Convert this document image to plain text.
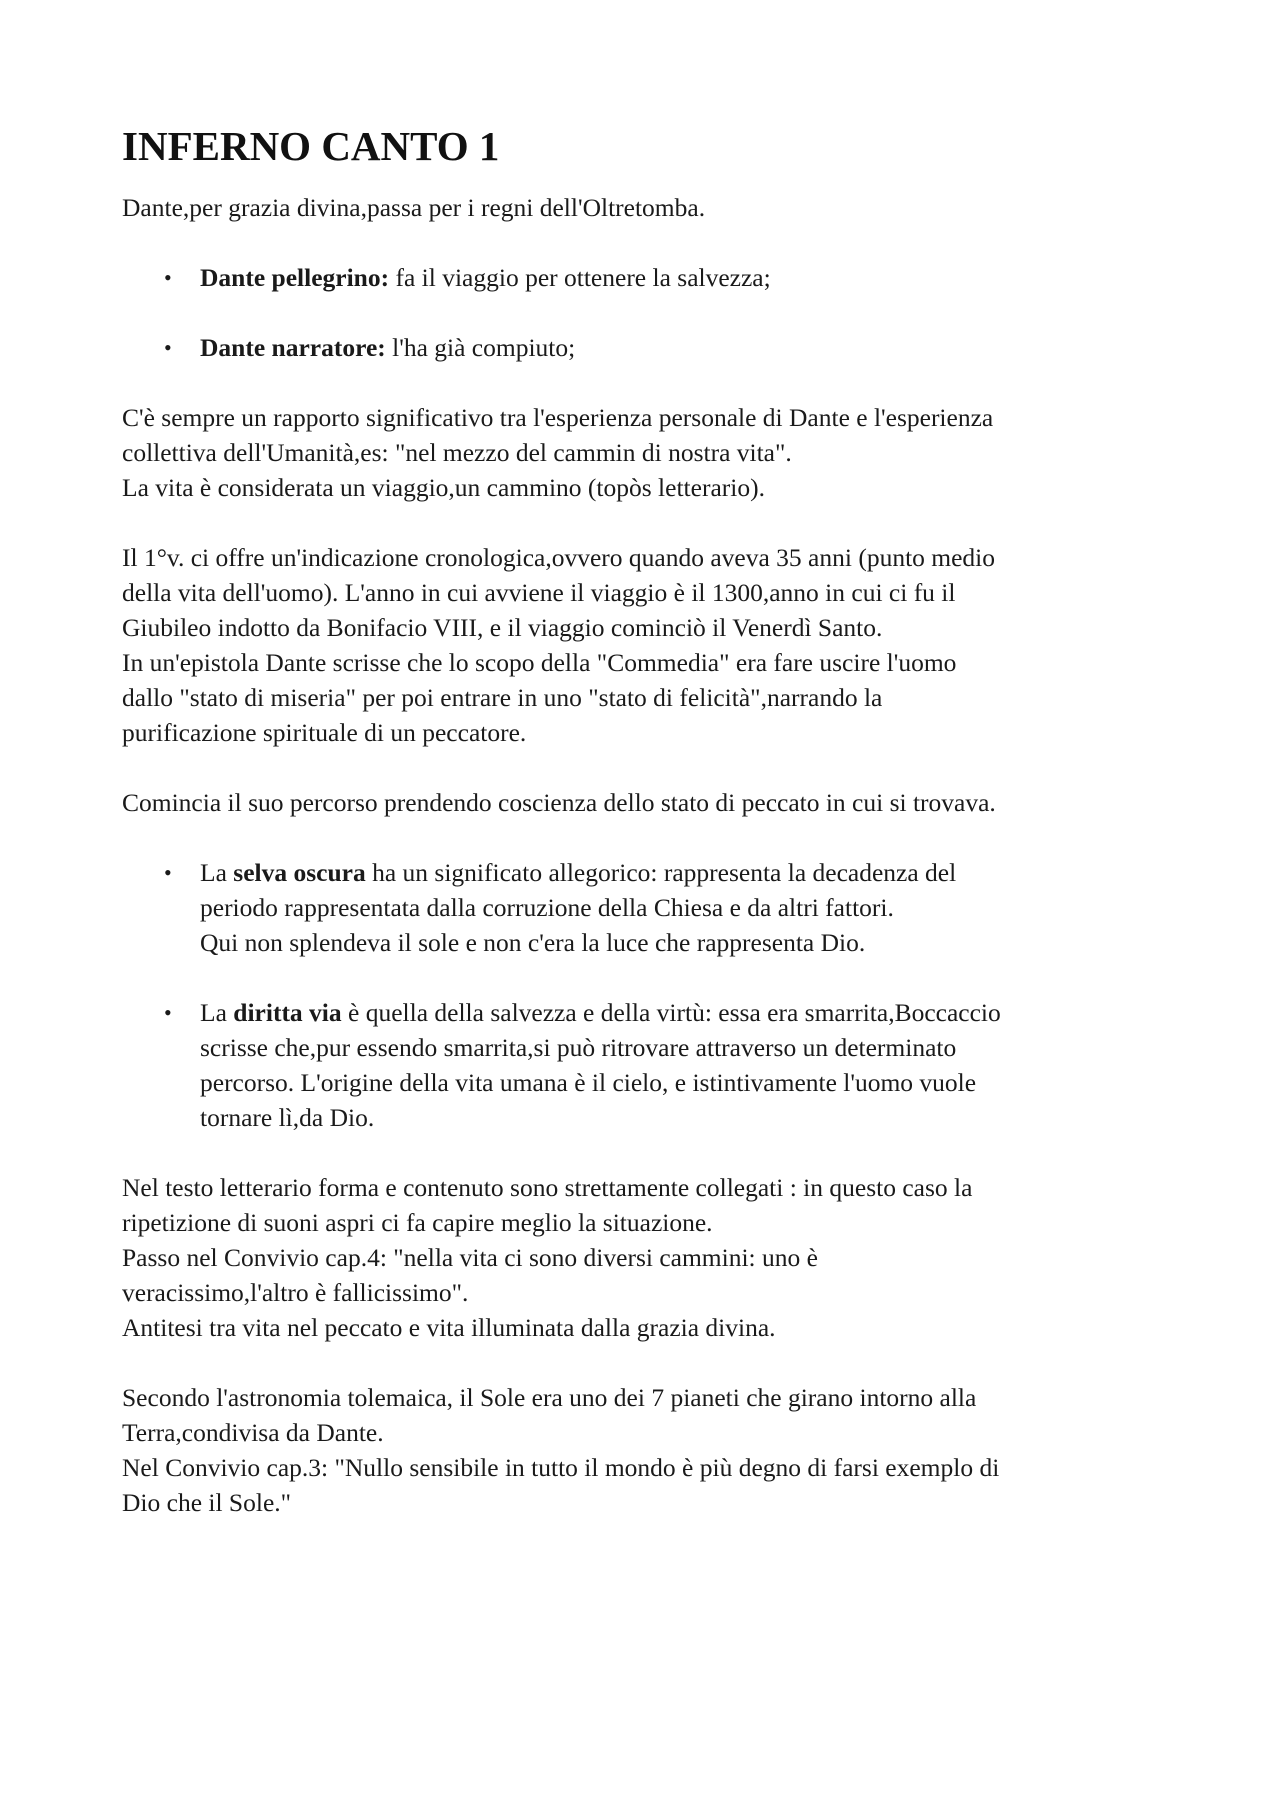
INFERNO CANTO 1

Dante,per grazia divina,passa per i regni dell'Oltretomba.

• Dante pellegrino: fa il viaggio per ottenere la salvezza;
• Dante narratore: l'ha già compiuto;

C'è sempre un rapporto significativo tra l'esperienza personale di Dante e l'esperienza

collettiva dell'Umanità,es: "nel mezzo del cammin di nostra vita".

La vita è considerata un viaggio,un cammino (topòs letterario).

Il 1°v. ci offre un'indicazione cronologica,ovvero quando aveva 35 anni (punto medio

della vita dell'uomo). L'anno in cui avviene il viaggio è il 1300,anno in cui ci fu il

Giubileo indotto da Bonifacio VIII, e il viaggio cominciò il Venerdì Santo.

In un'epistola Dante scrisse che lo scopo della "Commedia" era fare uscire l'uomo

dallo "stato di miseria" per poi entrare in uno "stato di felicità",narrando la

purificazione spirituale di un peccatore.

Comincia il suo percorso prendendo coscienza dello stato di peccato in cui si trovava.

• La selva oscura ha un significato allegorico: rappresenta la decadenza del
periodo rappresentata dalla corruzione della Chiesa e da altri fattori.
Qui non splendeva il sole e non c'era la luce che rappresenta Dio.
• La diritta via è quella della salvezza e della virtù: essa era smarrita,Boccaccio
scrisse che,pur essendo smarrita,si può ritrovare attraverso un determinato
percorso. L'origine della vita umana è il cielo, e istintivamente l'uomo vuole
tornare lì,da Dio.

Nel testo letterario forma e contenuto sono strettamente collegati : in questo caso la

ripetizione di suoni aspri ci fa capire meglio la situazione.

Passo nel Convivio cap.4: "nella vita ci sono diversi cammini: uno è

veracissimo,l'altro è fallicissimo".

Antitesi tra vita nel peccato e vita illuminata dalla grazia divina.

Secondo l'astronomia tolemaica, il Sole era uno dei 7 pianeti che girano intorno alla

Terra,condivisa da Dante.

Nel Convivio cap.3: "Nullo sensibile in tutto il mondo è più degno di farsi exemplo di

Dio che il Sole."
